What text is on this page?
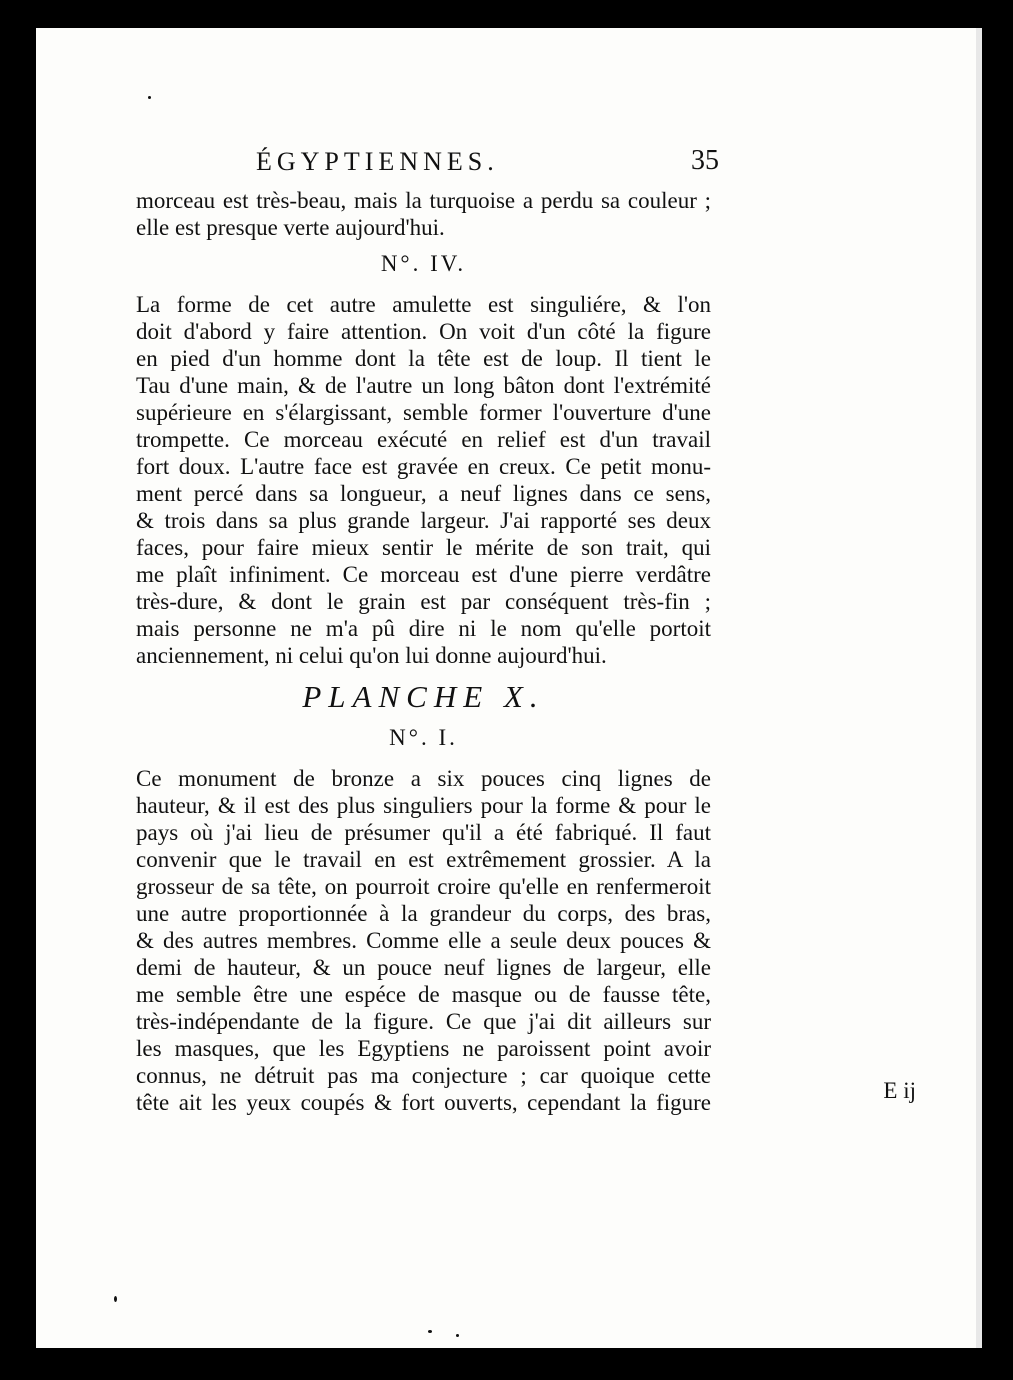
ÉGYPTIENNES.	35

morceau est très-beau, mais la turquoise a perdu sa couleur ;
elle est presque verte aujourd'hui.

N°. IV.

La forme de cet autre amulette est singuliére, & l'on
doit d'abord y faire attention. On voit d'un côté la figure
en pied d'un homme dont la tête est de loup. Il tient le
Tau d'une main, & de l'autre un long bâton dont l'extrémité
supérieure en s'élargissant, semble former l'ouverture d'une
trompette. Ce morceau exécuté en relief est d'un travail
fort doux. L'autre face est gravée en creux. Ce petit monu-
ment percé dans sa longueur, a neuf lignes dans ce sens,
& trois dans sa plus grande largeur. J'ai rapporté ses deux
faces, pour faire mieux sentir le mérite de son trait, qui
me plaît infiniment. Ce morceau est d'une pierre verdâtre
très-dure, & dont le grain est par conséquent très-fin ;
mais personne ne m'a pû dire ni le nom qu'elle portoit
anciennement, ni celui qu'on lui donne aujourd'hui.

PLANCHE X.
N°. I.

Ce monument de bronze a six pouces cinq lignes de
hauteur, & il est des plus singuliers pour la forme & pour le
pays où j'ai lieu de présumer qu'il a été fabriqué. Il faut
convenir que le travail en est extrêmement grossier. A la
grosseur de sa tête, on pourroit croire qu'elle en renfermeroit
une autre proportionnée à la grandeur du corps, des bras,
& des autres membres. Comme elle a seule deux pouces &
demi de hauteur, & un pouce neuf lignes de largeur, elle
me semble être une espéce de masque ou de fausse tête,
très-indépendante de la figure. Ce que j'ai dit ailleurs sur
les masques, que les Egyptiens ne paroissent point avoir
connus, ne détruit pas ma conjecture ; car quoique cette
tête ait les yeux coupés & fort ouverts, cependant la figure	E ij
